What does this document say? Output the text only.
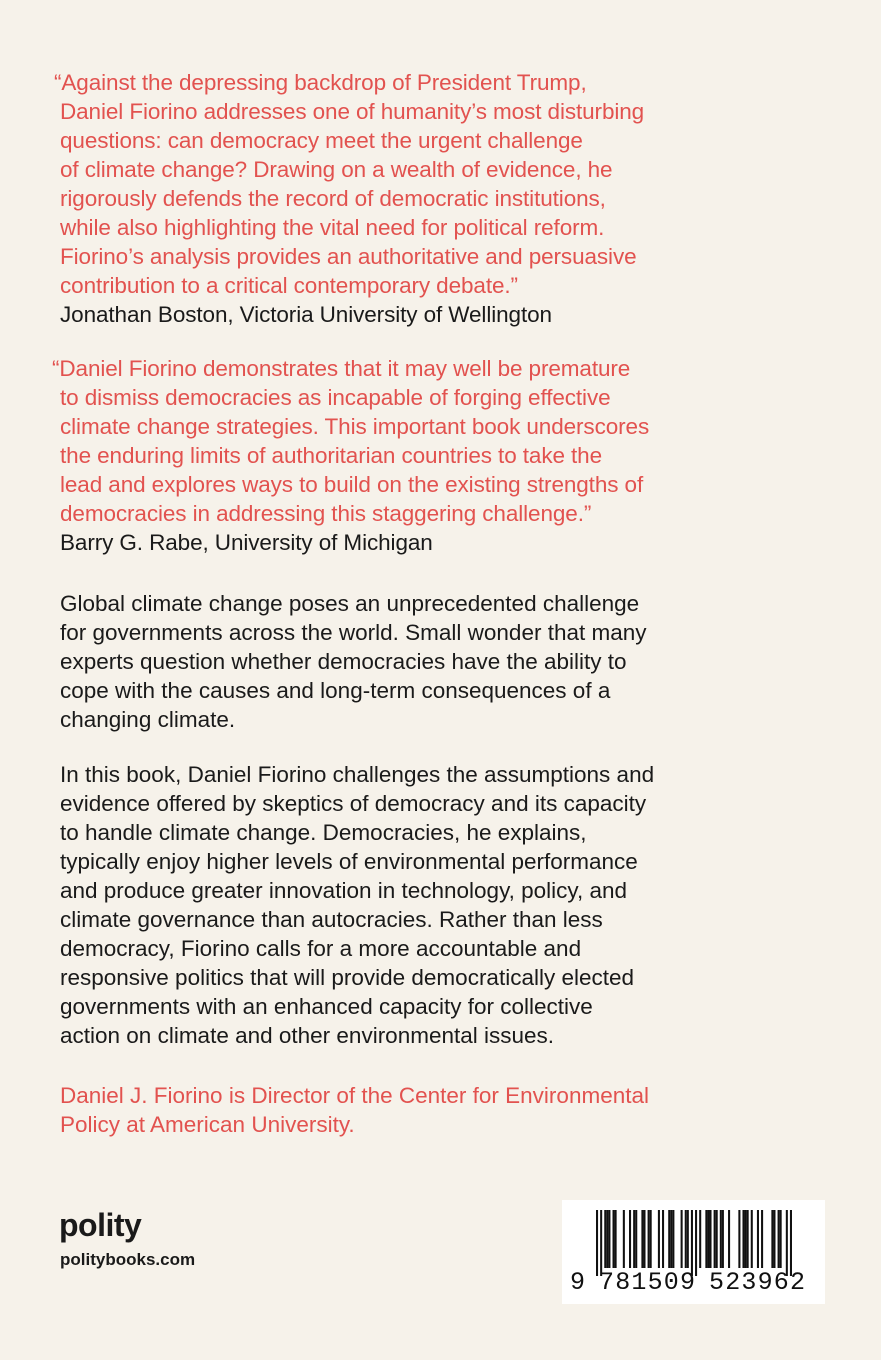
“Against the depressing backdrop of President Trump,
Daniel Fiorino addresses one of humanity’s most disturbing
questions: can democracy meet the urgent challenge
of climate change? Drawing on a wealth of evidence, he
rigorously defends the record of democratic institutions,
while also highlighting the vital need for political reform.
Fiorino’s analysis provides an authoritative and persuasive
contribution to a critical contemporary debate.”
Jonathan Boston, Victoria University of Wellington
“Daniel Fiorino demonstrates that it may well be premature
to dismiss democracies as incapable of forging effective
climate change strategies. This important book underscores
the enduring limits of authoritarian countries to take the
lead and explores ways to build on the existing strengths of
democracies in addressing this staggering challenge.”
Barry G. Rabe, University of Michigan
Global climate change poses an unprecedented challenge
for governments across the world. Small wonder that many
experts question whether democracies have the ability to
cope with the causes and long-term consequences of a
changing climate.
In this book, Daniel Fiorino challenges the assumptions and
evidence offered by skeptics of democracy and its capacity
to handle climate change. Democracies, he explains,
typically enjoy higher levels of environmental performance
and produce greater innovation in technology, policy, and
climate governance than autocracies. Rather than less
democracy, Fiorino calls for a more accountable and
responsive politics that will provide democratically elected
governments with an enhanced capacity for collective
action on climate and other environmental issues.
Daniel J. Fiorino is Director of the Center for Environmental
Policy at American University.
polity
politybooks.com
9 781509 523962
